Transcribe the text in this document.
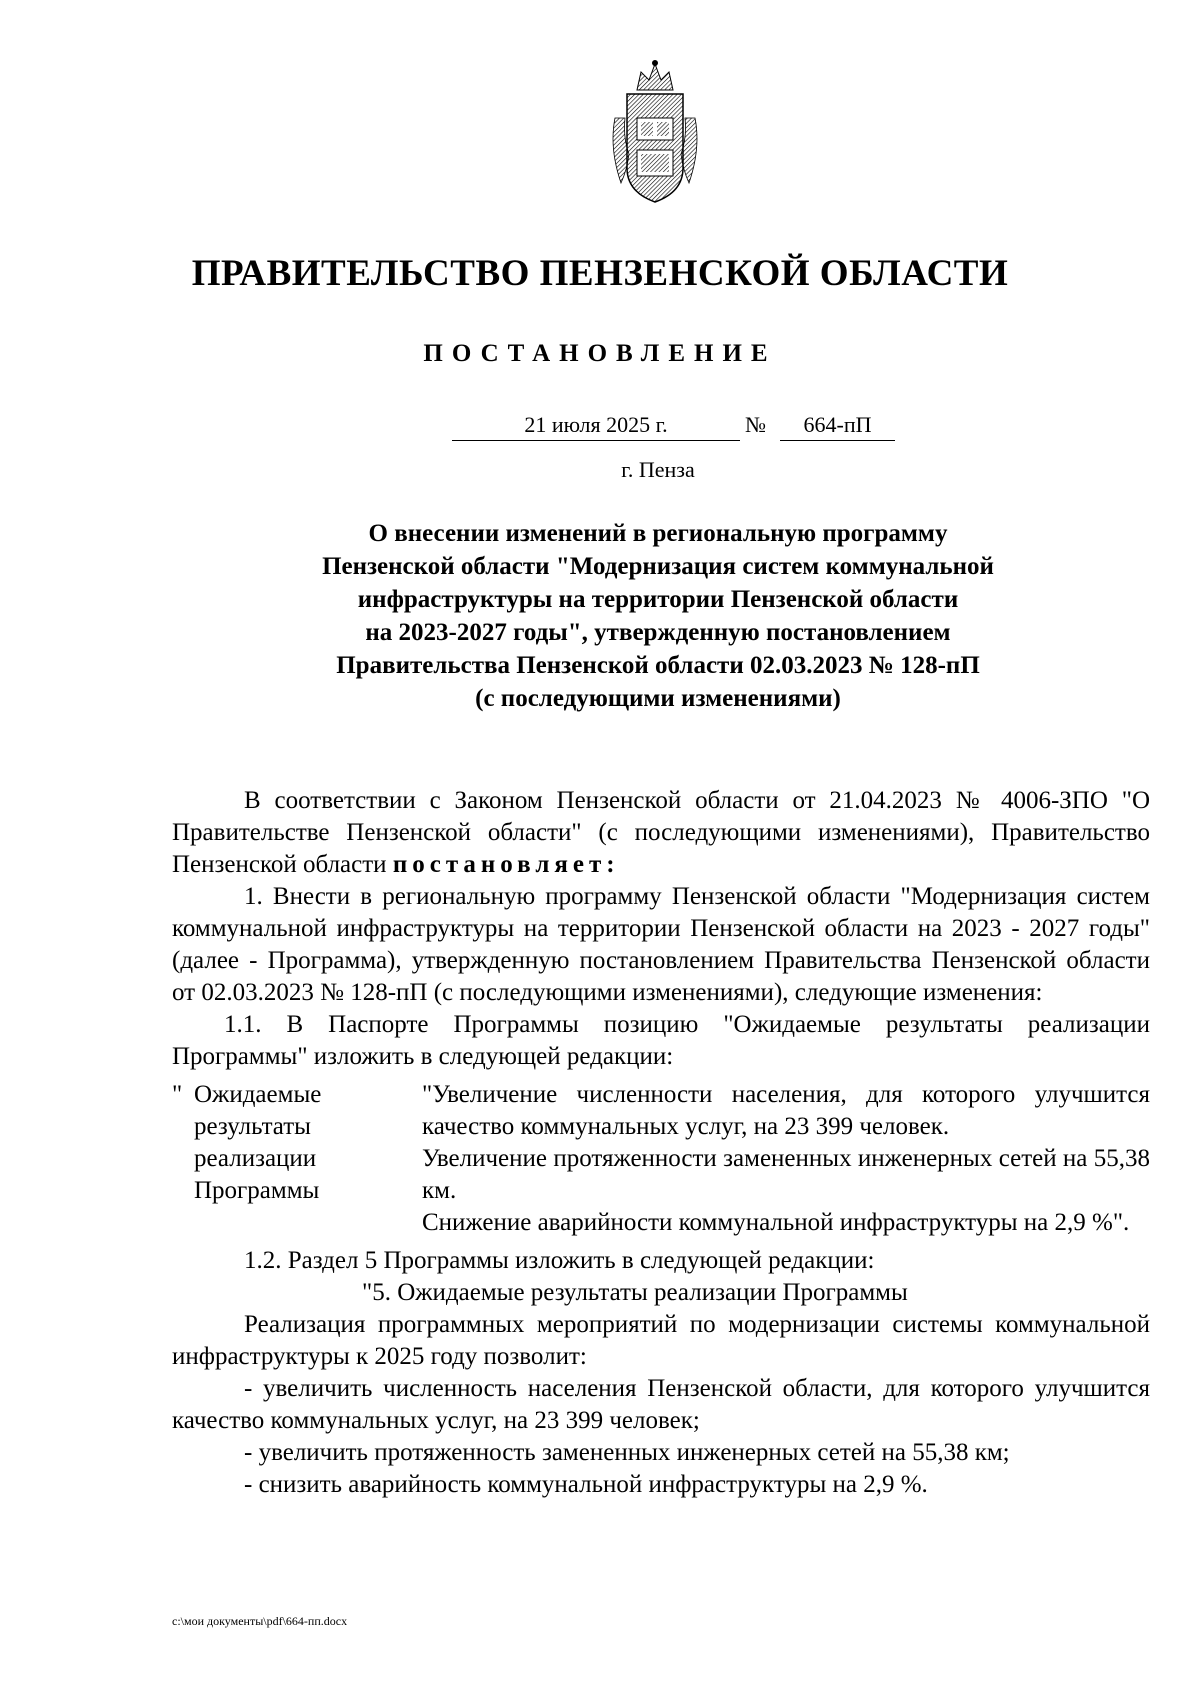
ПРАВИТЕЛЬСТВО ПЕНЗЕНСКОЙ ОБЛАСТИ
ПОСТАНОВЛЕНИЕ
21 июля 2025 г.	№	664-пП
г. Пенза
О внесении изменений в региональную программу
Пензенской области "Модернизация систем коммунальной
инфраструктуры на территории Пензенской области
на 2023-2027 годы", утвержденную постановлением
Правительства Пензенской области 02.03.2023 № 128-пП
(с последующими изменениями)

В соответствии с Законом Пензенской области от 21.04.2023 № 4006-ЗПО "О Правительстве Пензенской области" (с последующими изменениями), Правительство Пензенской области постановляет:

1. Внести в региональную программу Пензенской области "Модернизация систем коммунальной инфраструктуры на территории Пензенской области на 2023 - 2027 годы" (далее - Программа), утвержденную постановлением Правительства Пензенской области от 02.03.2023 № 128-пП (с последующими изменениями), следующие изменения:

1.1. В Паспорте Программы позицию "Ожидаемые результаты реализации Программы" изложить в следующей редакции:

" Ожидаемые
результаты
реализации
Программы

"Увеличение численности населения, для которого улучшится качество коммунальных услуг, на 23 399 человек.

Увеличение протяженности замененных инженерных сетей на 55,38 км.

Снижение аварийности коммунальной инфраструктуры на 2,9 %".

1.2. Раздел 5 Программы изложить в следующей редакции:

"5. Ожидаемые результаты реализации Программы

Реализация программных мероприятий по модернизации системы коммунальной инфраструктуры к 2025 году позволит:

- увеличить численность населения Пензенской области, для которого улучшится качество коммунальных услуг, на 23 399 человек;

- увеличить протяженность замененных инженерных сетей на 55,38 км;

- снизить аварийность коммунальной инфраструктуры на 2,9 %.

c:\мои документы\pdf\664-пп.docx
